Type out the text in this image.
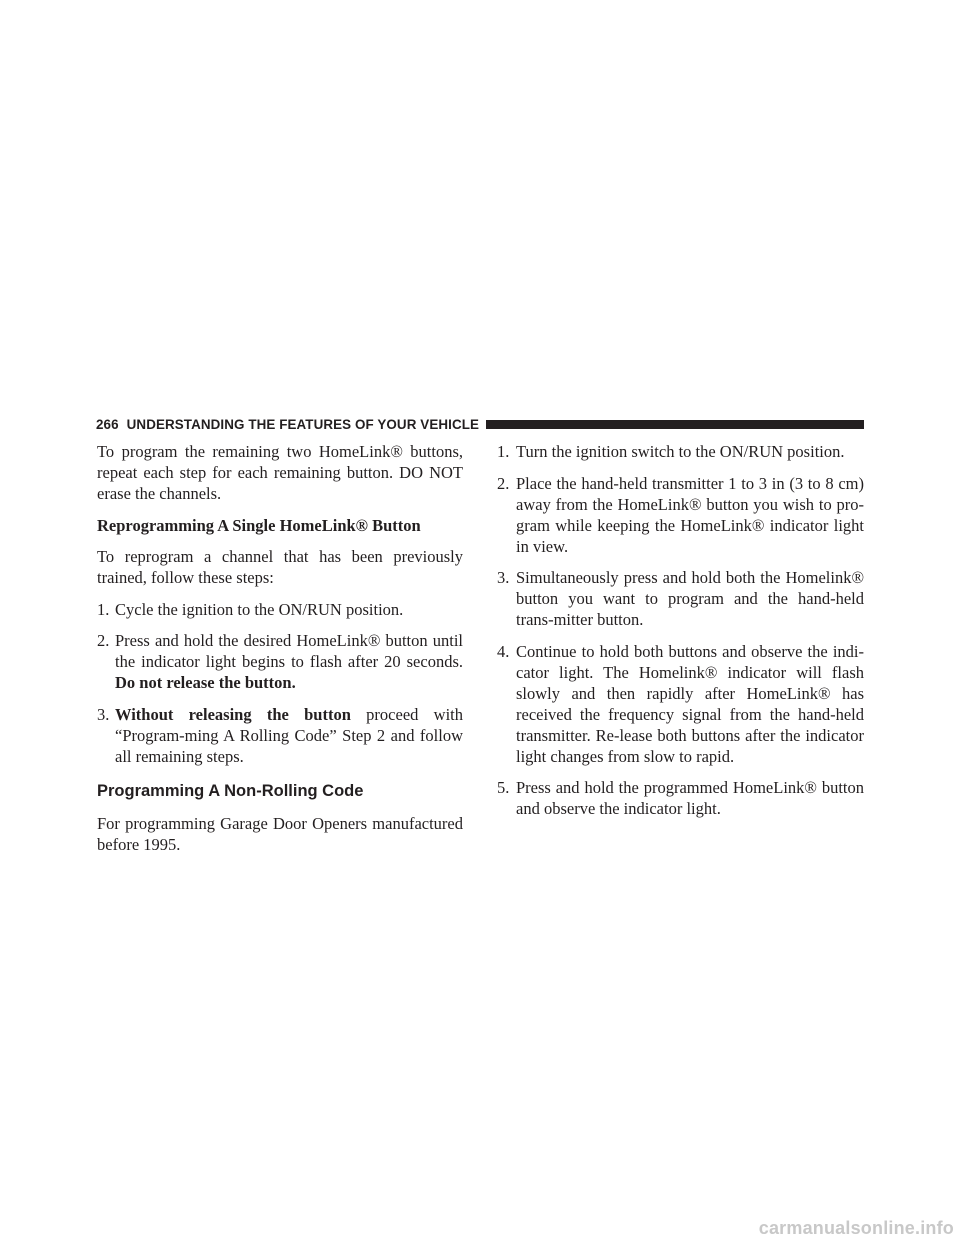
266 UNDERSTANDING THE FEATURES OF YOUR VEHICLE

To program the remaining two HomeLink® buttons, repeat each step for each remaining button. DO NOT erase the channels.

Reprogramming A Single HomeLink® Button

To reprogram a channel that has been previously trained, follow these steps:

1. Cycle the ignition to the ON/RUN position.

2. Press and hold the desired HomeLink® button until the indicator light begins to flash after 20 seconds. Do not release the button.

3. Without releasing the button proceed with “Program-ming A Rolling Code” Step 2 and follow all remaining steps.

Programming A Non-Rolling Code

For programming Garage Door Openers manufactured before 1995.

1. Turn the ignition switch to the ON/RUN position.

2. Place the hand-held transmitter 1 to 3 in (3 to 8 cm) away from the HomeLink® button you wish to pro-gram while keeping the HomeLink® indicator light in view.

3. Simultaneously press and hold both the Homelink® button you want to program and the hand-held trans-mitter button.

4. Continue to hold both buttons and observe the indi-cator light. The Homelink® indicator will flash slowly and then rapidly after HomeLink® has received the frequency signal from the hand-held transmitter. Re-lease both buttons after the indicator light changes from slow to rapid.

5. Press and hold the programmed HomeLink® button and observe the indicator light.

carmanualsonline.info
